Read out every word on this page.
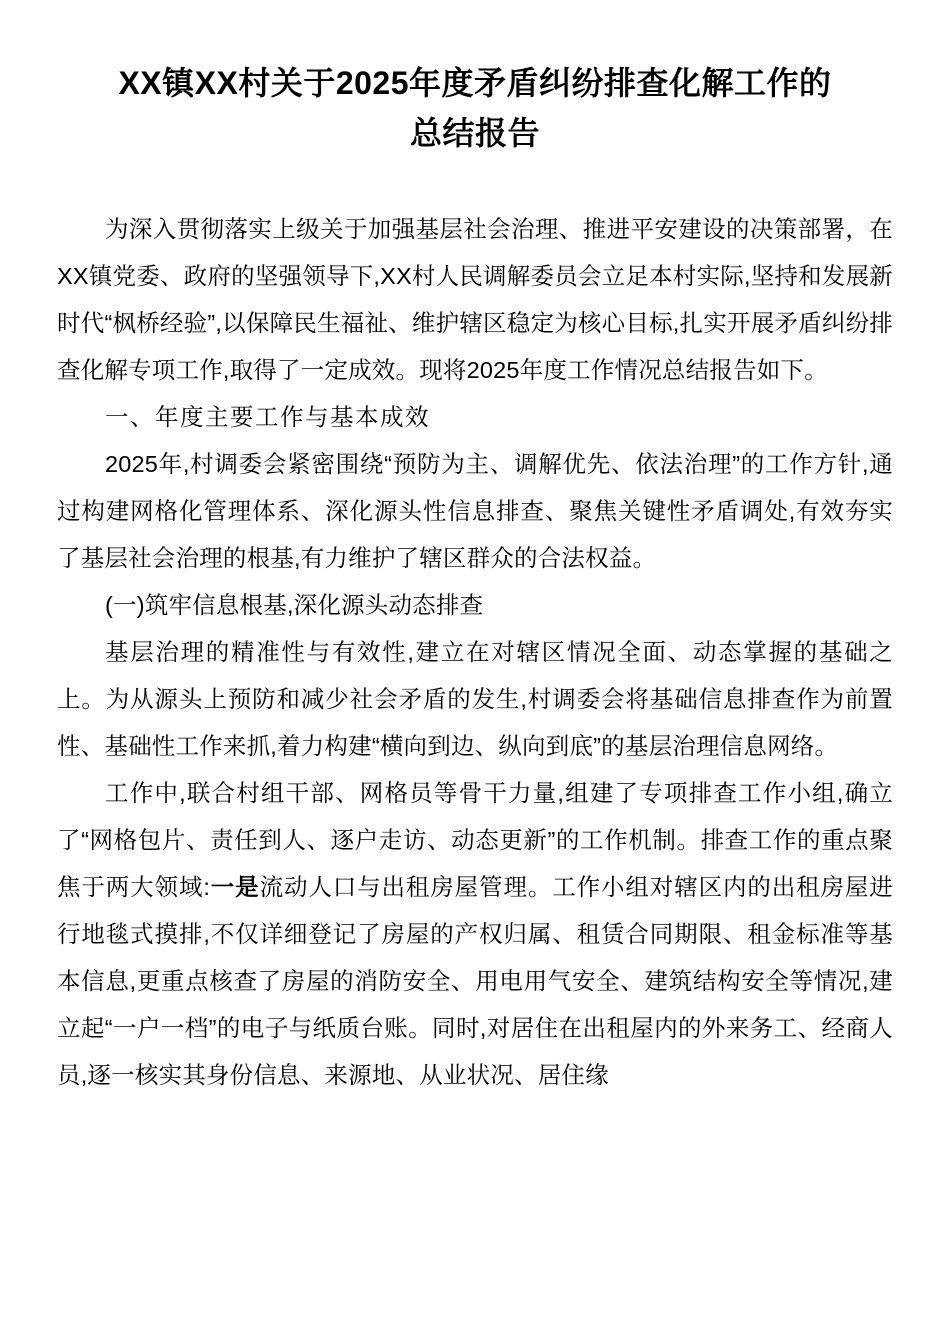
XX镇XX村关于2025年度矛盾纠纷排查化解工作的
总结报告

为深入贯彻落实上级关于加强基层社会治理、推进平安建设的决策部署，在XX镇党委、政府的坚强领导下,XX村人民调解委员会立足本村实际,坚持和发展新时代“枫桥经验”,以保障民生福祉、维护辖区稳定为核心目标,扎实开展矛盾纠纷排查化解专项工作,取得了一定成效。现将2025年度工作情况总结报告如下。

一、年度主要工作与基本成效

2025年,村调委会紧密围绕“预防为主、调解优先、依法治理”的工作方针,通过构建网格化管理体系、深化源头性信息排查、聚焦关键性矛盾调处,有效夯实了基层社会治理的根基,有力维护了辖区群众的合法权益。

(一)筑牢信息根基,深化源头动态排查

基层治理的精准性与有效性,建立在对辖区情况全面、动态掌握的基础之上。为从源头上预防和减少社会矛盾的发生,村调委会将基础信息排查作为前置性、基础性工作来抓,着力构建“横向到边、纵向到底”的基层治理信息网络。

工作中,联合村组干部、网格员等骨干力量,组建了专项排查工作小组,确立了“网格包片、责任到人、逐户走访、动态更新”的工作机制。排查工作的重点聚焦于两大领域:一是流动人口与出租房屋管理。工作小组对辖区内的出租房屋进行地毯式摸排,不仅详细登记了房屋的产权归属、租赁合同期限、租金标准等基本信息,更重点核查了房屋的消防安全、用电用气安全、建筑结构安全等情况,建立起“一户一档”的电子与纸质台账。同时,对居住在出租屋内的外来务工、经商人员,逐一核实其身份信息、来源地、从业状况、居住缘
